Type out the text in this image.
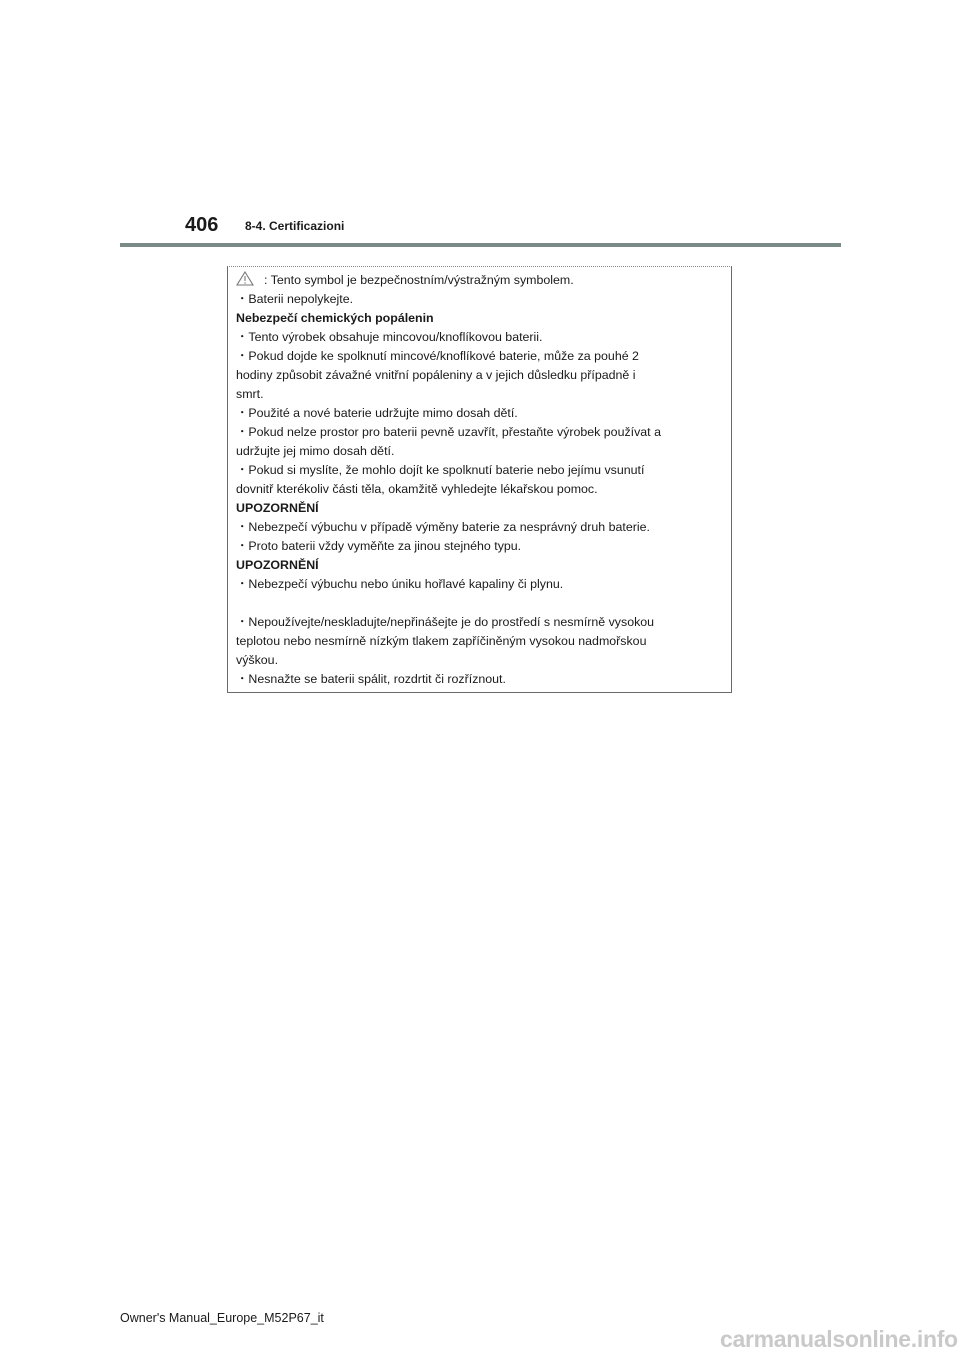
406 8-4. Certificazioni
: Tento symbol je bezpečnostním/výstražným symbolem.
・Baterii nepolykejte.
Nebezpečí chemických popálenin
・Tento výrobek obsahuje mincovou/knoflíkovou baterii.
・Pokud dojde ke spolknutí mincové/knoflíkové baterie, může za pouhé 2
hodiny způsobit závažné vnitřní popáleniny a v jejich důsledku případně i
smrt.
・Použité a nové baterie udržujte mimo dosah dětí.
・Pokud nelze prostor pro baterii pevně uzavřít, přestaňte výrobek používat a
udržujte jej mimo dosah dětí.
・Pokud si myslíte, že mohlo dojít ke spolknutí baterie nebo jejímu vsunutí
dovnitř kterékoliv části těla, okamžitě vyhledejte lékařskou pomoc.
UPOZORNĚNÍ
・Nebezpečí výbuchu v případě výměny baterie za nesprávný druh baterie.
・Proto baterii vždy vyměňte za jinou stejného typu.
UPOZORNĚNÍ
・Nebezpečí výbuchu nebo úniku hořlavé kapaliny či plynu.
・Nepoužívejte/neskladujte/nepřinášejte je do prostředí s nesmírně vysokou
teplotou nebo nesmírně nízkým tlakem zapříčiněným vysokou nadmořskou
výškou.
・Nesnažte se baterii spálit, rozdrtit či rozříznout.
Owner's Manual_Europe_M52P67_it
carmanualsonline.info
